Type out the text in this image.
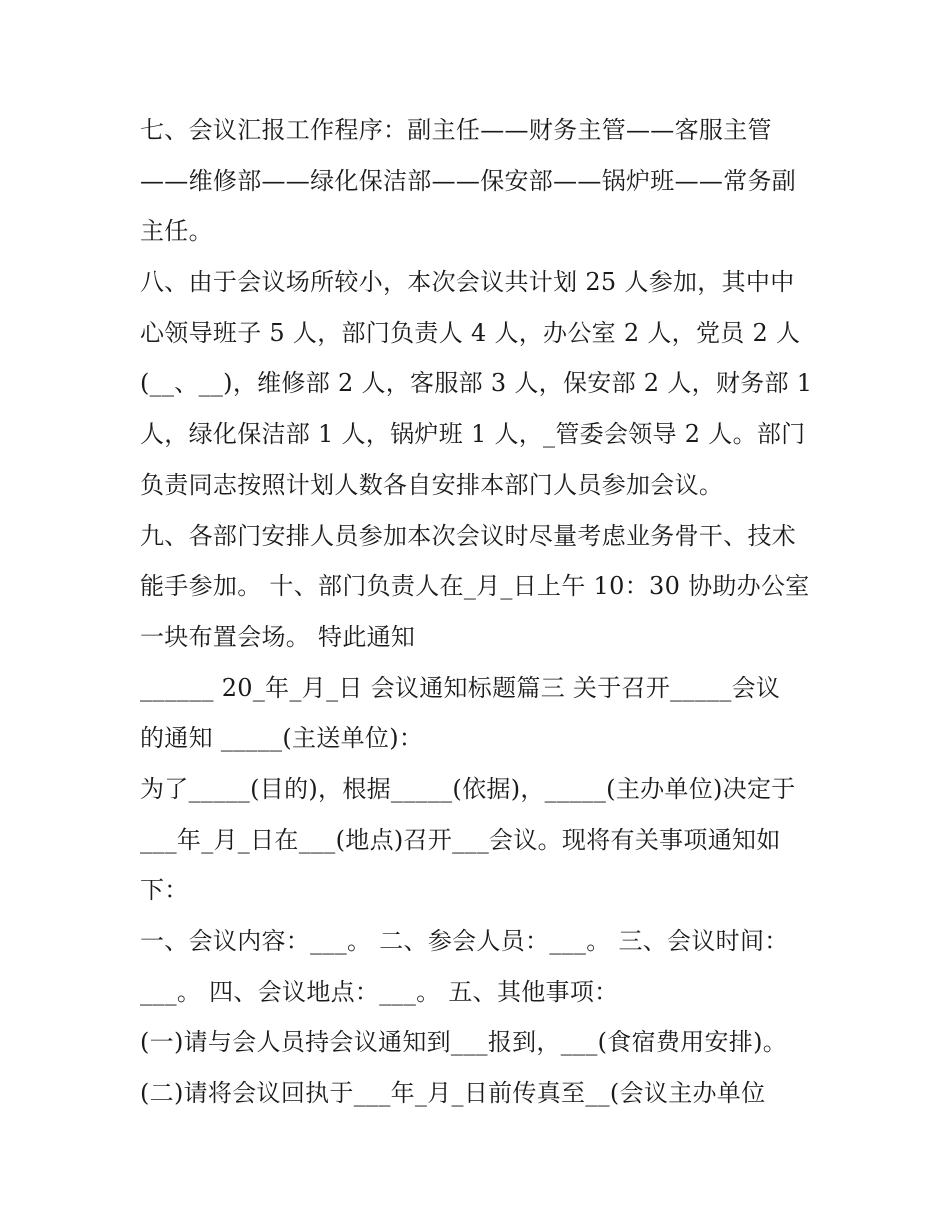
七、会议汇报工作程序：副主任——财务主管——客服主管
——维修部——绿化保洁部——保安部——锅炉班——常务副
主任。
八、由于会议场所较小，本次会议共计划 25 人参加，其中中
心领导班子 5 人，部门负责人 4 人，办公室 2 人，党员 2 人
(__、__)，维修部 2 人，客服部 3 人，保安部 2 人，财务部 1
人，绿化保洁部 1 人，锅炉班 1 人，_管委会领导 2 人。部门
负责同志按照计划人数各自安排本部门人员参加会议。
九、各部门安排人员参加本次会议时尽量考虑业务骨干、技术
能手参加。 十、部门负责人在_月_日上午 10：30 协助办公室
一块布置会场。 特此通知
______ 20_年_月_日 会议通知标题篇三 关于召开_____会议
的通知 _____(主送单位)：
为了_____(目的)，根据_____(依据)，_____(主办单位)决定于
___年_月_日在___(地点)召开___会议。现将有关事项通知如
下：
一、会议内容：___。 二、参会人员：___。 三、会议时间：
___。 四、会议地点：___。 五、其他事项：
(一)请与会人员持会议通知到___报到，___(食宿费用安排)。
(二)请将会议回执于___年_月_日前传真至__(会议主办单位
